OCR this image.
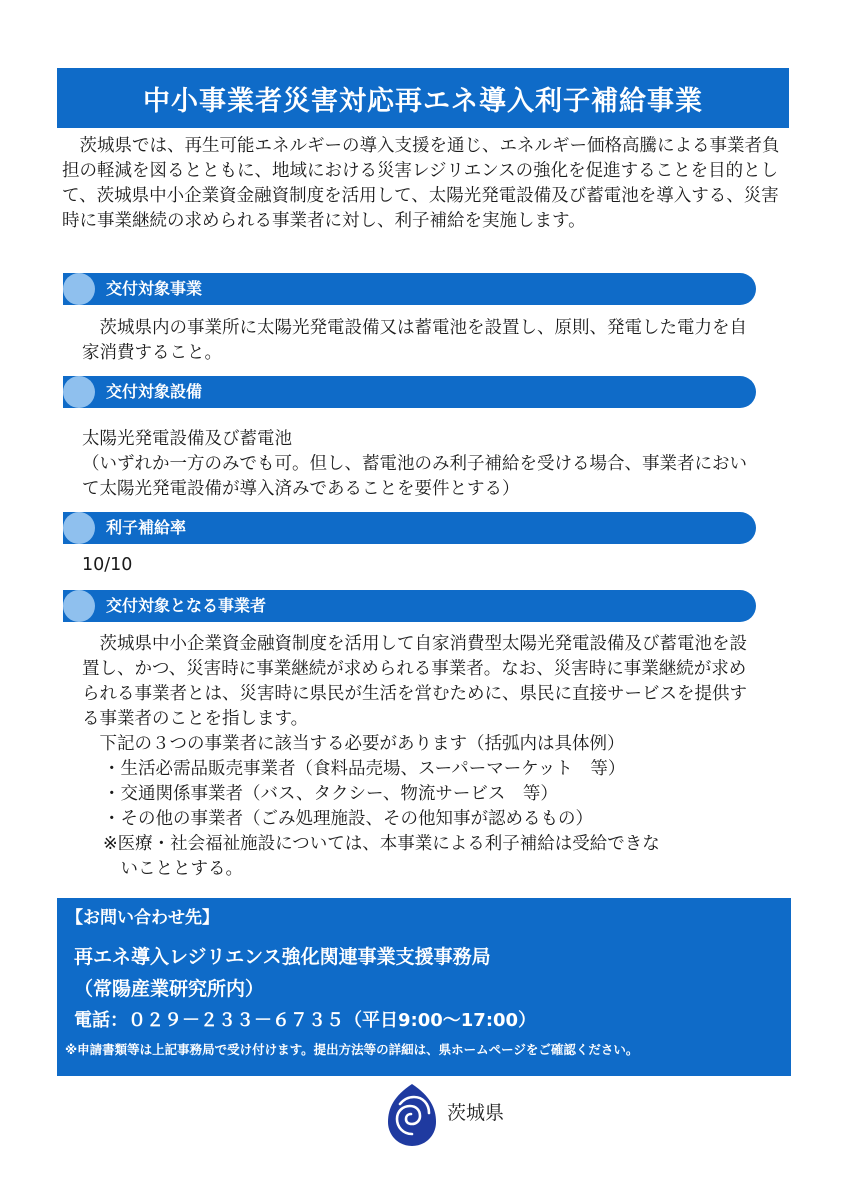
中小事業者災害対応再エネ導入利子補給事業

茨城県では、再生可能エネルギーの導入支援を通じ、エネルギー価格高騰による事業者負担の軽減を図るとともに、地域における災害レジリエンスの強化を促進することを目的として、茨城県中小企業資金融資制度を活用して、太陽光発電設備及び蓄電池を導入する、災害時に事業継続の求められる事業者に対し、利子補給を実施します。

交付対象事業

茨城県内の事業所に太陽光発電設備又は蓄電池を設置し、原則、発電した電力を自家消費すること。

交付対象設備
太陽光発電設備及び蓄電池
（いずれか一方のみでも可。但し、蓄電池のみ利子補給を受ける場合、事業者において太陽光発電設備が導入済みであることを要件とする）
利子補給率

10/10

交付対象となる事業者
茨城県中小企業資金融資制度を活用して自家消費型太陽光発電設備及び蓄電池を設置し、かつ、災害時に事業継続が求められる事業者。なお、災害時に事業継続が求められる事業者とは、災害時に県民が生活を営むために、県民に直接サービスを提供する事業者のことを指します。
下記の３つの事業者に該当する必要があります（括弧内は具体例）
・生活必需品販売事業者（食料品売場、スーパーマーケット　等）
・交通関係事業者（バス、タクシー、物流サービス　等）
・その他の事業者（ごみ処理施設、その他知事が認めるもの）
※医療・社会福祉施設については、本事業による利子補給は受給できな
いこととする。
【お問い合わせ先】
再エネ導入レジリエンス強化関連事業支援事務局
（常陽産業研究所内）
電話：０２９－２３３－６７３５（平日9:00～17:00）
※申請書類等は上記事務局で受け付けます。提出方法等の詳細は、県ホームページをご確認ください。
茨城県
